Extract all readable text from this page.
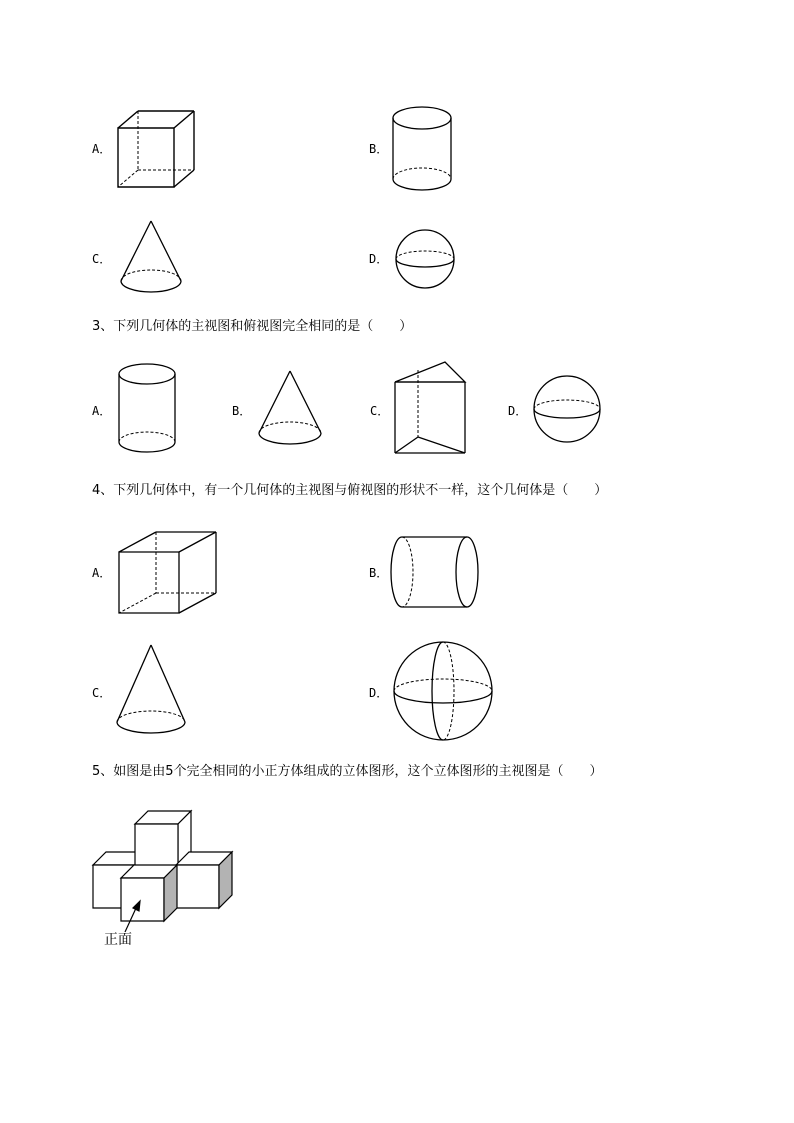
A．	B．
C．	D．
3、下列几何体的主视图和俯视图完全相同的是（　　）
A．	B．	C．	D．
4、下列几何体中，有一个几何体的主视图与俯视图的形状不一样，这个几何体是（　　）
A．	B．
C．	D．
5、如图是由5个完全相同的小正方体组成的立体图形，这个立体图形的主视图是（　　）
正面
